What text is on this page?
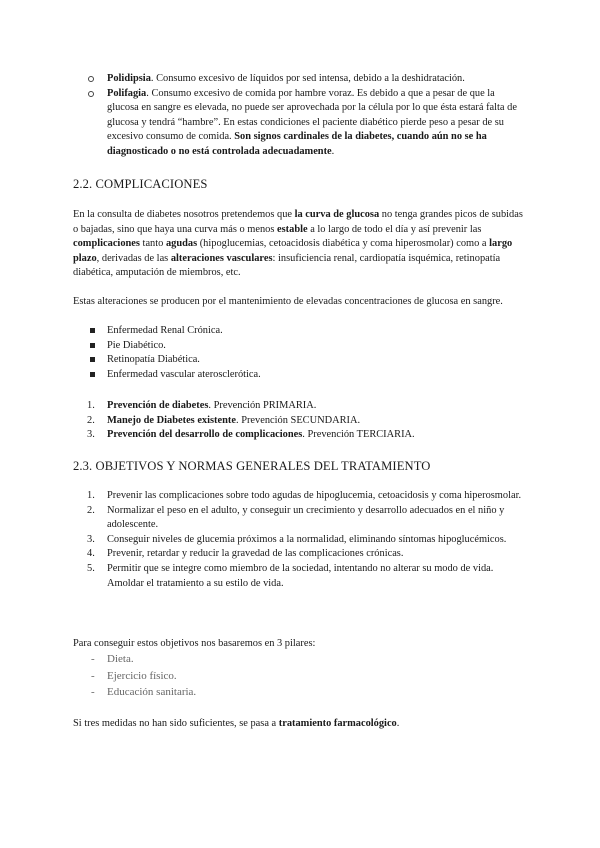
Polidipsia. Consumo excesivo de líquidos por sed intensa, debido a la deshidratación.
Polifagia. Consumo excesivo de comida por hambre voraz. Es debido a que a pesar de que la glucosa en sangre es elevada, no puede ser aprovechada por la célula por lo que ésta estará falta de glucosa y tendrá “hambre”. En estas condiciones el paciente diabético pierde peso a pesar de su excesivo consumo de comida. Son signos cardinales de la diabetes, cuando aún no se ha diagnosticado o no está controlada adecuadamente.
2.2. COMPLICACIONES

En la consulta de diabetes nosotros pretendemos que la curva de glucosa no tenga grandes picos de subidas o bajadas, sino que haya una curva más o menos estable a lo largo de todo el día y así prevenir las complicaciones tanto agudas (hipoglucemias, cetoacidosis diabética y coma hiperosmolar) como a largo plazo, derivadas de las alteraciones vasculares: insuficiencia renal, cardiopatía isquémica, retinopatía diabética, amputación de miembros, etc.

Estas alteraciones se producen por el mantenimiento de elevadas concentraciones de glucosa en sangre.

Enfermedad Renal Crónica.
Pie Diabético.
Retinopatía Diabética.
Enfermedad vascular aterosclerótica.
1.	Prevención de diabetes. Prevención PRIMARIA.
2.	Manejo de Diabetes existente. Prevención SECUNDARIA.
3.	Prevención del desarrollo de complicaciones. Prevención TERCIARIA.
2.3. OBJETIVOS Y NORMAS GENERALES DEL TRATAMIENTO
1.	Prevenir las complicaciones sobre todo agudas de hipoglucemia, cetoacidosis y coma hiperosmolar.
2.	Normalizar el peso en el adulto, y conseguir un crecimiento y desarrollo adecuados en el niño y adolescente.
3.	Conseguir niveles de glucemia próximos a la normalidad, eliminando síntomas hipoglucémicos.
4.	Prevenir, retardar y reducir la gravedad de las complicaciones crónicas.
5.	Permitir que se integre como miembro de la sociedad, intentando no alterar su modo de vida. Amoldar el tratamiento a su estilo de vida.

Para conseguir estos objetivos nos basaremos en 3 pilares:

- Dieta.
- Ejercicio físico.
- Educación sanitaria.

Si tres medidas no han sido suficientes, se pasa a tratamiento farmacológico.
